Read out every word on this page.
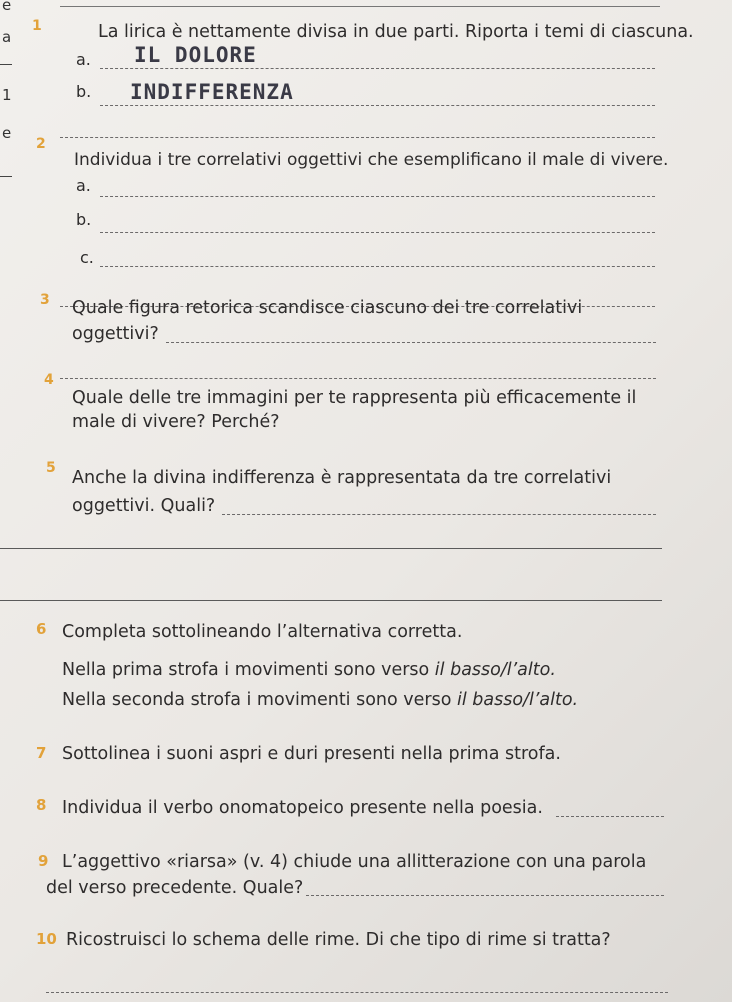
e
a
1
e
1	La lirica è nettamente divisa in due parti. Riporta i temi di ciascuna.
a.
b.
IL DOLORE
INDIFFERENZA
2
Individua i tre correlativi oggettivi che esemplificano il male di vivere.
a.
b.
c.
3 Quale figura retorica scandisce ciascuno dei tre correlativi
oggettivi?
4
Quale delle tre immagini per te rappresenta più efficacemente il
male di vivere? Perché?
5 Anche la divina indifferenza è rappresentata da tre correlativi
oggettivi. Quali?
6 Completa sottolineando l’alternativa corretta.
Nella prima strofa i movimenti sono verso il basso/l’alto.
Nella seconda strofa i movimenti sono verso il basso/l’alto.
7 Sottolinea i suoni aspri e duri presenti nella prima strofa.
8 Individua il verbo onomatopeico presente nella poesia.
9 L’aggettivo «riarsa» (v. 4) chiude una allitterazione con una parola
del verso precedente. Quale?
10 Ricostruisci lo schema delle rime. Di che tipo di rime si tratta?
